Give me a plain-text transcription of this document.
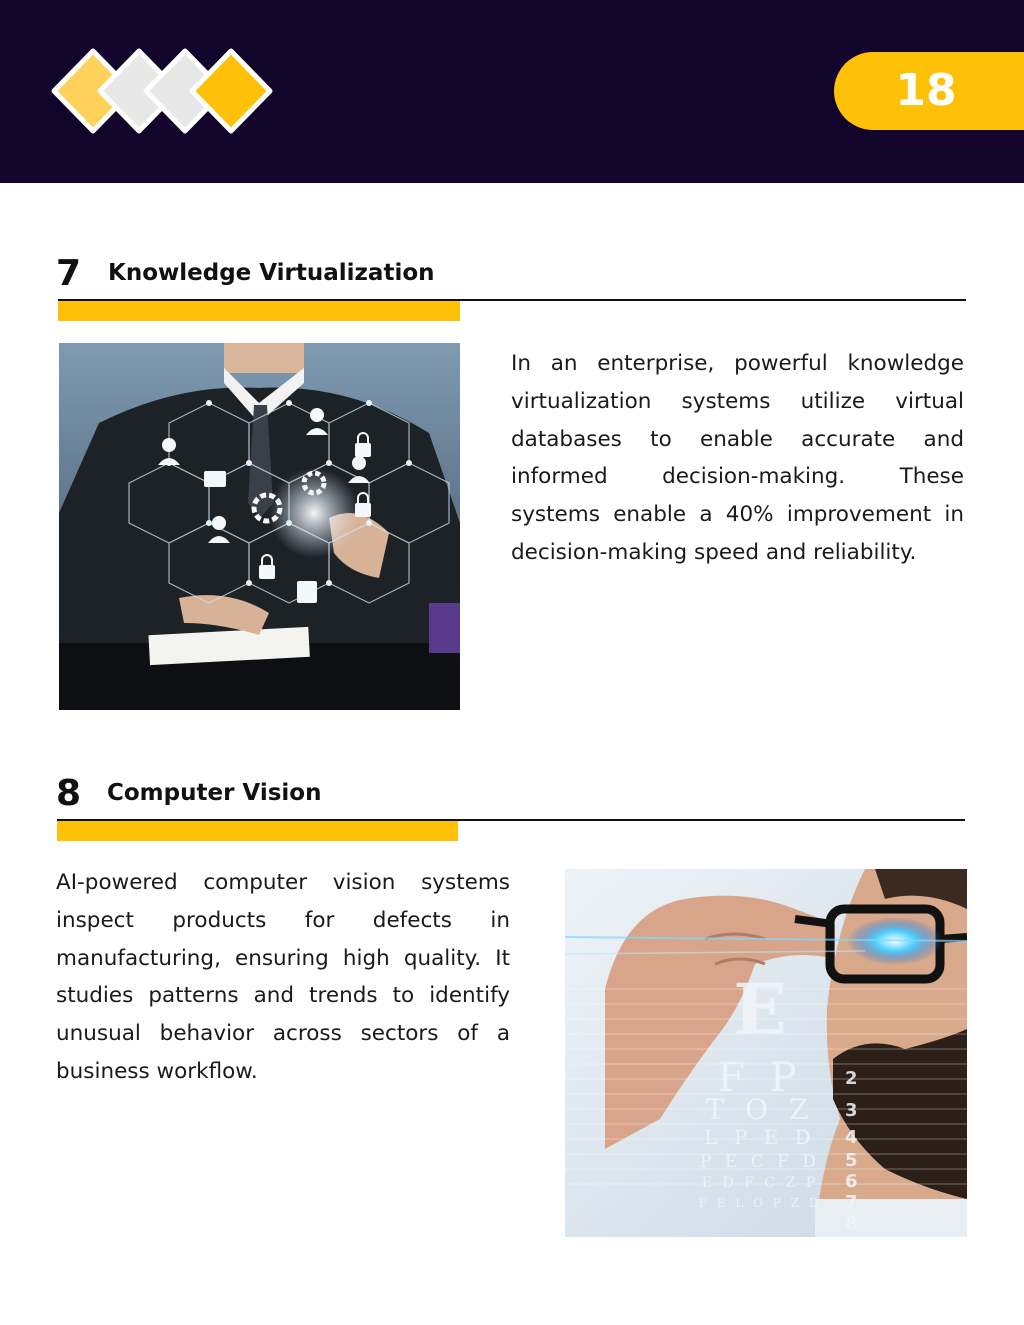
18
7 Knowledge Virtualization

In an enterprise, powerful knowledge virtualization systems utilize virtual databases to enable accurate and informed decision-making. These systems enable a 40% improvement in decision-making speed and reliability.

8 Computer Vision

AI-powered computer vision systems inspect products for defects in manufacturing, ensuring high quality. It studies patterns and trends to identify unusual behavior across sectors of a business workflow.

E
F P
T O Z
L P E D
P E C F D
E D F C Z P
F E L O P Z D
2
3
4
5
6
7
8
